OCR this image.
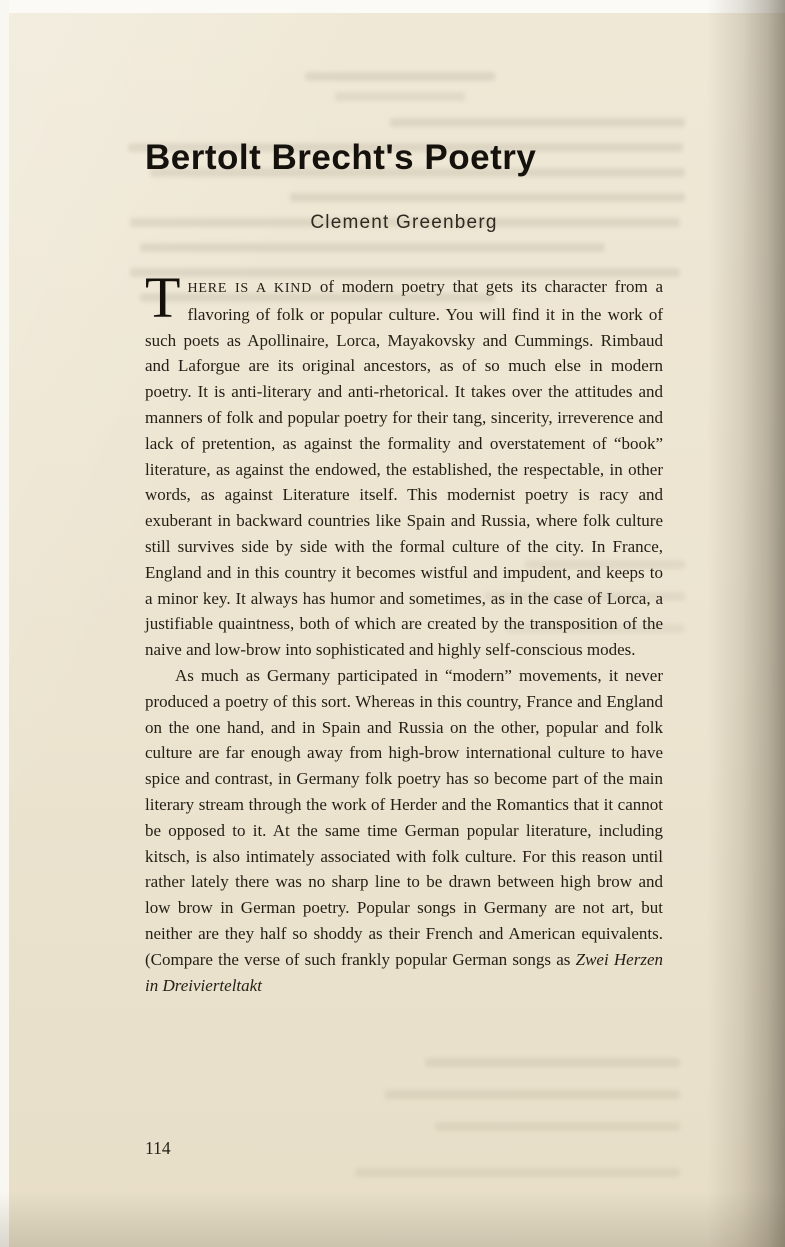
Bertolt Brecht's Poetry
Clement Greenberg

THERE IS A KIND of modern poetry that gets its character from a flavoring of folk or popular culture. You will find it in the work of such poets as Apollinaire, Lorca, Mayakovsky and Cummings. Rimbaud and Laforgue are its original ancestors, as of so much else in modern poetry. It is anti-literary and anti-rhetorical. It takes over the attitudes and manners of folk and popular poetry for their tang, sincerity, irreverence and lack of pretention, as against the formality and overstatement of “book” literature, as against the endowed, the established, the respectable, in other words, as against Literature itself. This modernist poetry is racy and exuberant in backward countries like Spain and Russia, where folk culture still survives side by side with the formal culture of the city. In France, England and in this country it becomes wistful and impudent, and keeps to a minor key. It always has humor and sometimes, as in the case of Lorca, a justifiable quaintness, both of which are created by the transposition of the naive and low-brow into sophisticated and highly self-conscious modes.

As much as Germany participated in “modern” movements, it never produced a poetry of this sort. Whereas in this country, France and England on the one hand, and in Spain and Russia on the other, popular and folk culture are far enough away from high-brow international culture to have spice and contrast, in Germany folk poetry has so become part of the main literary stream through the work of Herder and the Romantics that it cannot be opposed to it. At the same time German popular literature, including kitsch, is also intimately associated with folk culture. For this reason until rather lately there was no sharp line to be drawn between high brow and low brow in German poetry. Popular songs in Germany are not art, but neither are they half so shoddy as their French and American equivalents. (Compare the verse of such frankly popular German songs as Zwei Herzen in Dreivierteltakt

114
